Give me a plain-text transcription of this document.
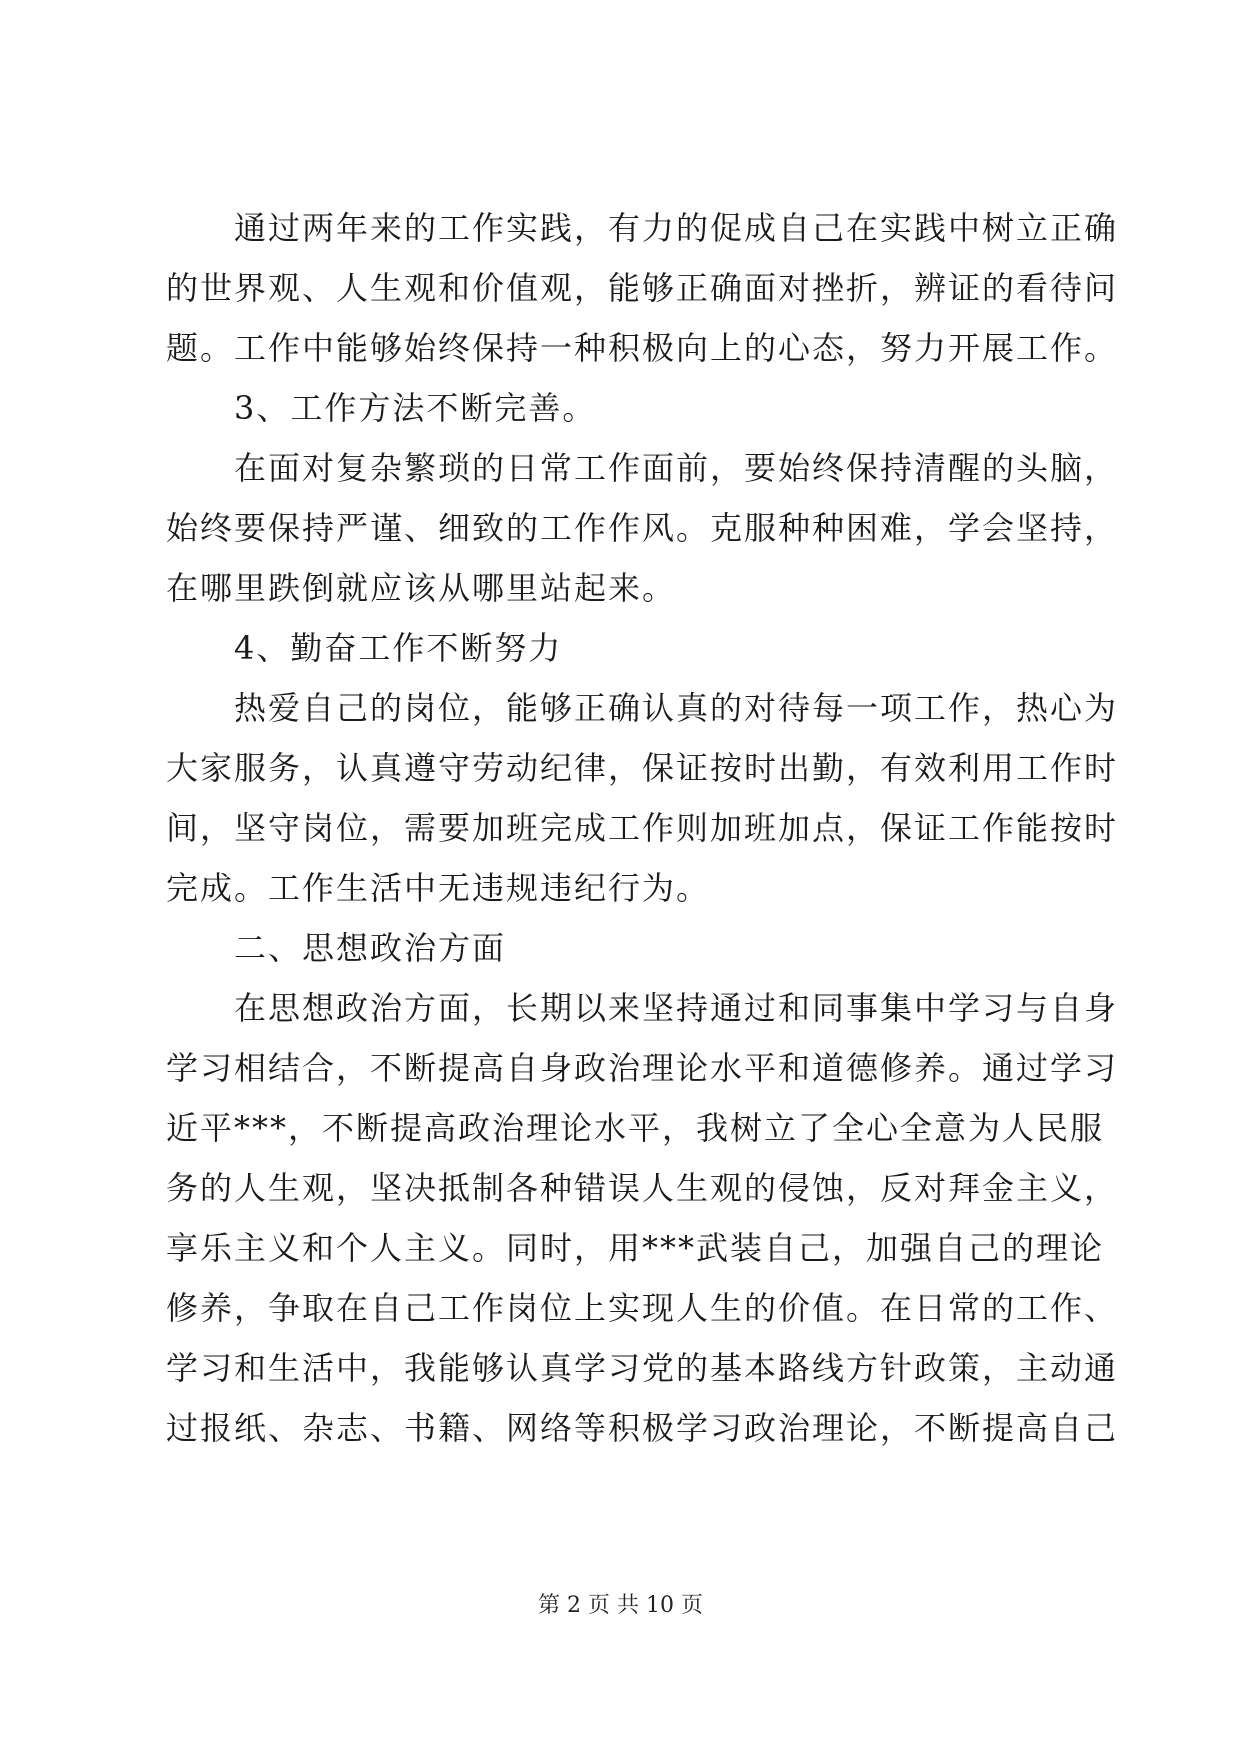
通过两年来的工作实践，有力的促成自己在实践中树立正确
的世界观、人生观和价值观，能够正确面对挫折，辨证的看待问
题。工作中能够始终保持一种积极向上的心态，努力开展工作。
3、工作方法不断完善。
在面对复杂繁琐的日常工作面前，要始终保持清醒的头脑，
始终要保持严谨、细致的工作作风。克服种种困难，学会坚持，
在哪里跌倒就应该从哪里站起来。
4、勤奋工作不断努力
热爱自己的岗位，能够正确认真的对待每一项工作，热心为
大家服务，认真遵守劳动纪律，保证按时出勤，有效利用工作时
间，坚守岗位，需要加班完成工作则加班加点，保证工作能按时
完成。工作生活中无违规违纪行为。
二、思想政治方面
在思想政治方面，长期以来坚持通过和同事集中学习与自身
学习相结合，不断提高自身政治理论水平和道德修养。通过学习
近平***，不断提高政治理论水平，我树立了全心全意为人民服
务的人生观，坚决抵制各种错误人生观的侵蚀，反对拜金主义，
享乐主义和个人主义。同时，用***武装自己，加强自己的理论
修养，争取在自己工作岗位上实现人生的价值。在日常的工作、
学习和生活中，我能够认真学习党的基本路线方针政策，主动通
过报纸、杂志、书籍、网络等积极学习政治理论，不断提高自己
第 2 页 共 10 页
